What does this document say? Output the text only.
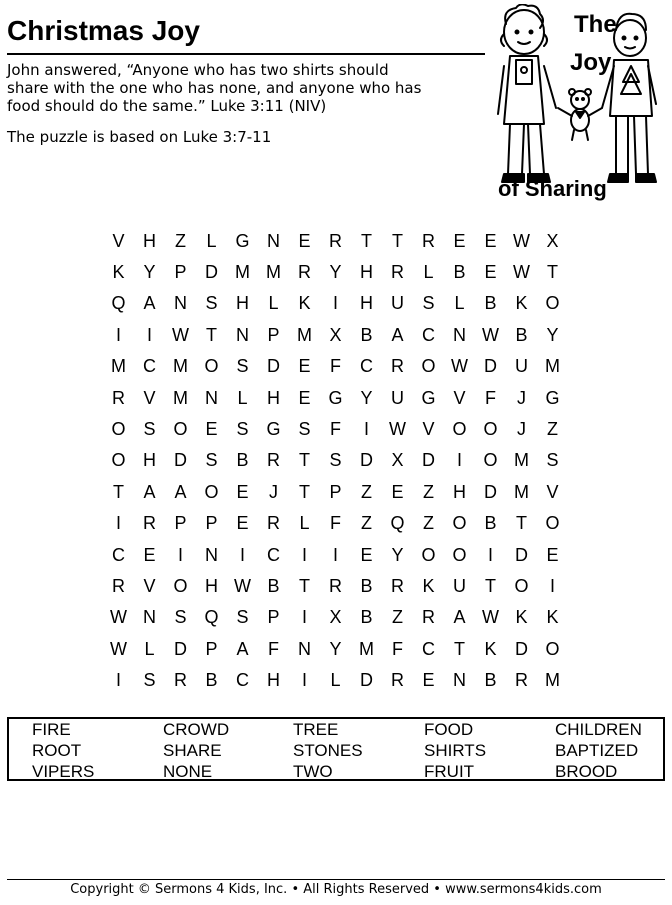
Christmas Joy
John answered, “Anyone who has two shirts should
share with the one who has none, and anyone who has
food should do the same.” Luke 3:11 (NIV)
The puzzle is based on Luke 3:7-11
The
Joy
of Sharing
V	H	Z	L	G N	E	R	T	T	R	E	E W X
K	Y	P	D M M R	Y	H	R	L	B	E W T
Q A	N	S	H	L	K	I	H	U	S	L	B	K O
I	I	W T	N	P M X	B	A	C	N W B	Y
M C M O S	D	E	F	C	R O W D	U M
R	V M N	L	H	E G Y	U G V	F	J	G
O S O E	S G S	F	I	W V O O	J	Z
O H	D	S	B	R	T	S	D	X	D	I	O M S
T	A	A O E	J	T	P	Z	E	Z	H	D M V
I	R	P	P	E	R	L	F	Z	Q	Z	O B	T	O
C	E	I	N	I	C	I	I	E	Y O O	I	D	E
R	V O H W B	T	R	B	R	K	U	T	O	I
W N	S Q S	P	I	X	B	Z	R	A W K	K
W L	D	P	A	F	N	Y M	F	C	T	K	D O
I	S	R	B	C	H	I	L	D	R	E	N	B	R M
FIRE	CROWD	TREE	FOOD	CHILDREN
ROOT	SHARE	STONES	SHIRTS	BAPTIZED
VIPERS	NONE	TWO	FRUIT	BROOD
Copyright © Sermons 4 Kids, Inc. • All Rights Reserved • www.sermons4kids.com
